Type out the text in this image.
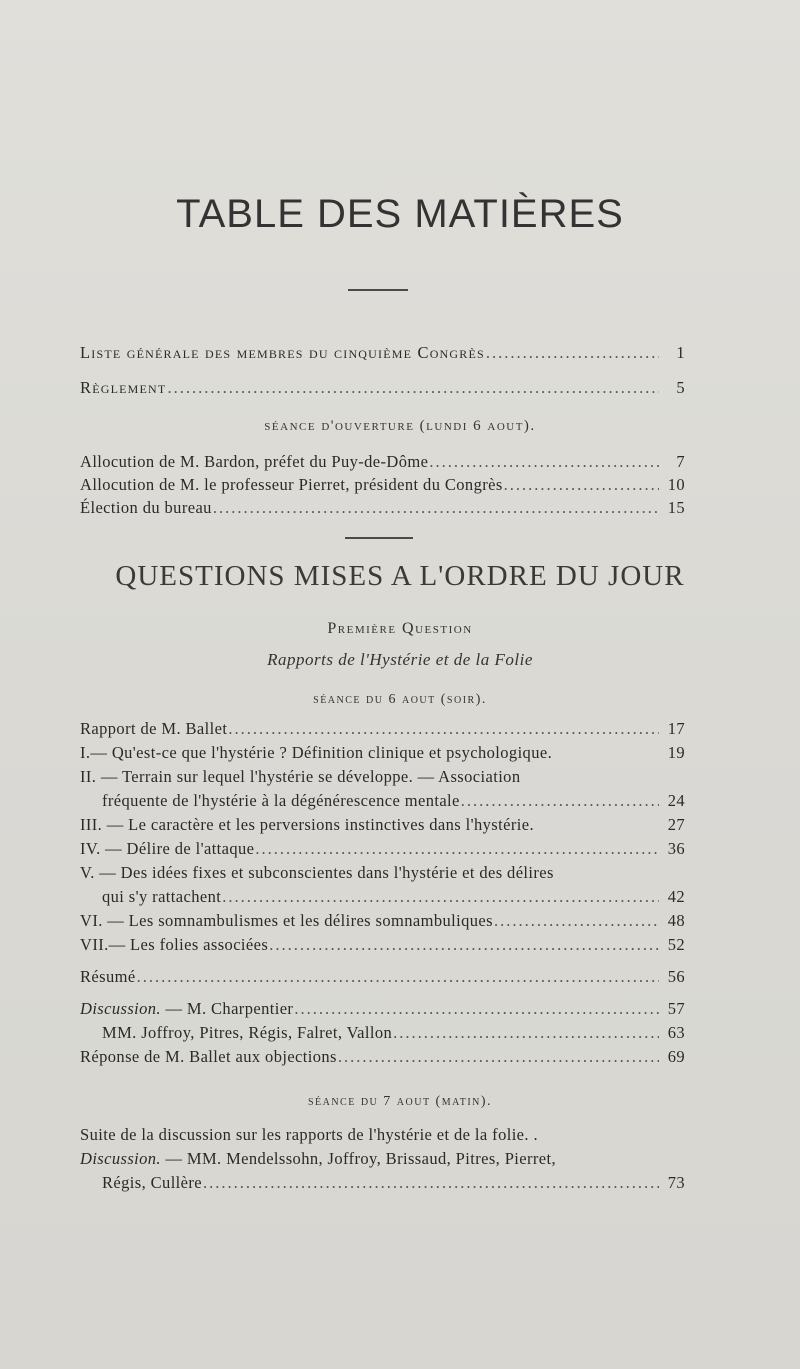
TABLE DES MATIÈRES
Liste générale des membres du cinquième Congrès .....	1
Règlement .....	5
séance d'ouverture (lundi 6 aout).
Allocution de M. Bardon, préfet du Puy-de-Dôme .....	7
Allocution de M. le professeur Pierret, président du Congrès .....	10
Élection du bureau .....	15
QUESTIONS MISES A L'ORDRE DU JOUR
Première Question
Rapports de l'Hystérie et de la Folie
séance du 6 aout (soir).
Rapport de M. Ballet .....	17
I.— Qu'est-ce que l'hystérie ? Définition clinique et psychologique.	19
II. — Terrain sur lequel l'hystérie se développe. — Association
fréquente de l'hystérie à la dégénérescence mentale .....	24
III. — Le caractère et les perversions instinctives dans l'hystérie.	27
IV. — Délire de l'attaque .....	36
V. — Des idées fixes et subconscientes dans l'hystérie et des délires
qui s'y rattachent .....	42
VI. — Les somnambulismes et les délires somnambuliques .....	48
VII.— Les folies associées .....	52
Résumé .....	56
Discussion. — M. Charpentier .....	57
MM. Joffroy, Pitres, Régis, Falret, Vallon .....	63
Réponse de M. Ballet aux objections .....	69
séance du 7 aout (matin).
Suite de la discussion sur les rapports de l'hystérie et de la folie. .
Discussion. — MM. Mendelssohn, Joffroy, Brissaud, Pitres, Pierret,
Régis, Cullère .....	73
